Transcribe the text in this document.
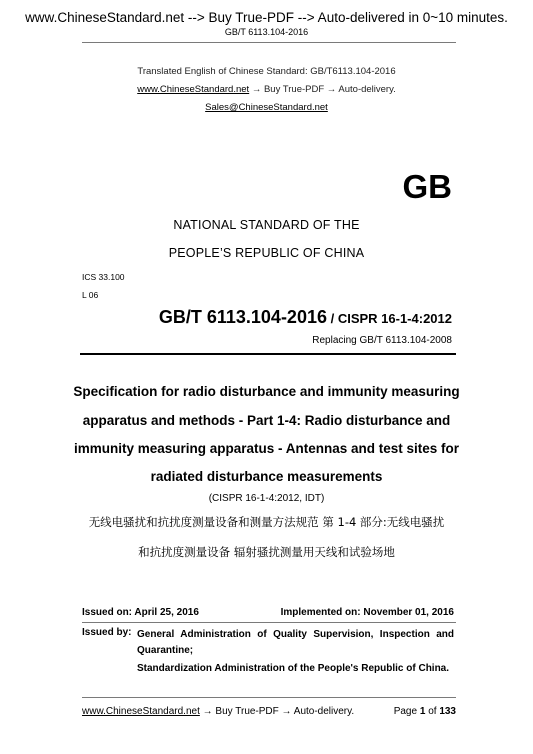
www.ChineseStandard.net --> Buy True-PDF --> Auto-delivered in 0~10 minutes.
GB/T 6113.104-2016
Translated English of Chinese Standard: GB/T6113.104-2016
www.ChineseStandard.net → Buy True-PDF → Auto-delivery.
Sales@ChineseStandard.net
GB
NATIONAL STANDARD OF THE
PEOPLE’S REPUBLIC OF CHINA
ICS 33.100
L 06
GB/T 6113.104-2016 / CISPR 16-1-4:2012
Replacing GB/T 6113.104-2008
Specification for radio disturbance and immunity measuring
apparatus and methods - Part 1-4: Radio disturbance and
immunity measuring apparatus - Antennas and test sites for
radiated disturbance measurements
(CISPR 16-1-4:2012, IDT)
无线电骚扰和抗扰度测量设备和测量方法规范 第 1-4 部分:无线电骚扰
和抗扰度测量设备 辐射骚扰测量用天线和试验场地
Issued on: April 25, 2016	Implemented on: November 01, 2016
Issued by: General Administration of Quality Supervision, Inspection and Quarantine;
Standardization Administration of the People's Republic of China.
www.ChineseStandard.net → Buy True-PDF → Auto-delivery.	Page 1 of 133
